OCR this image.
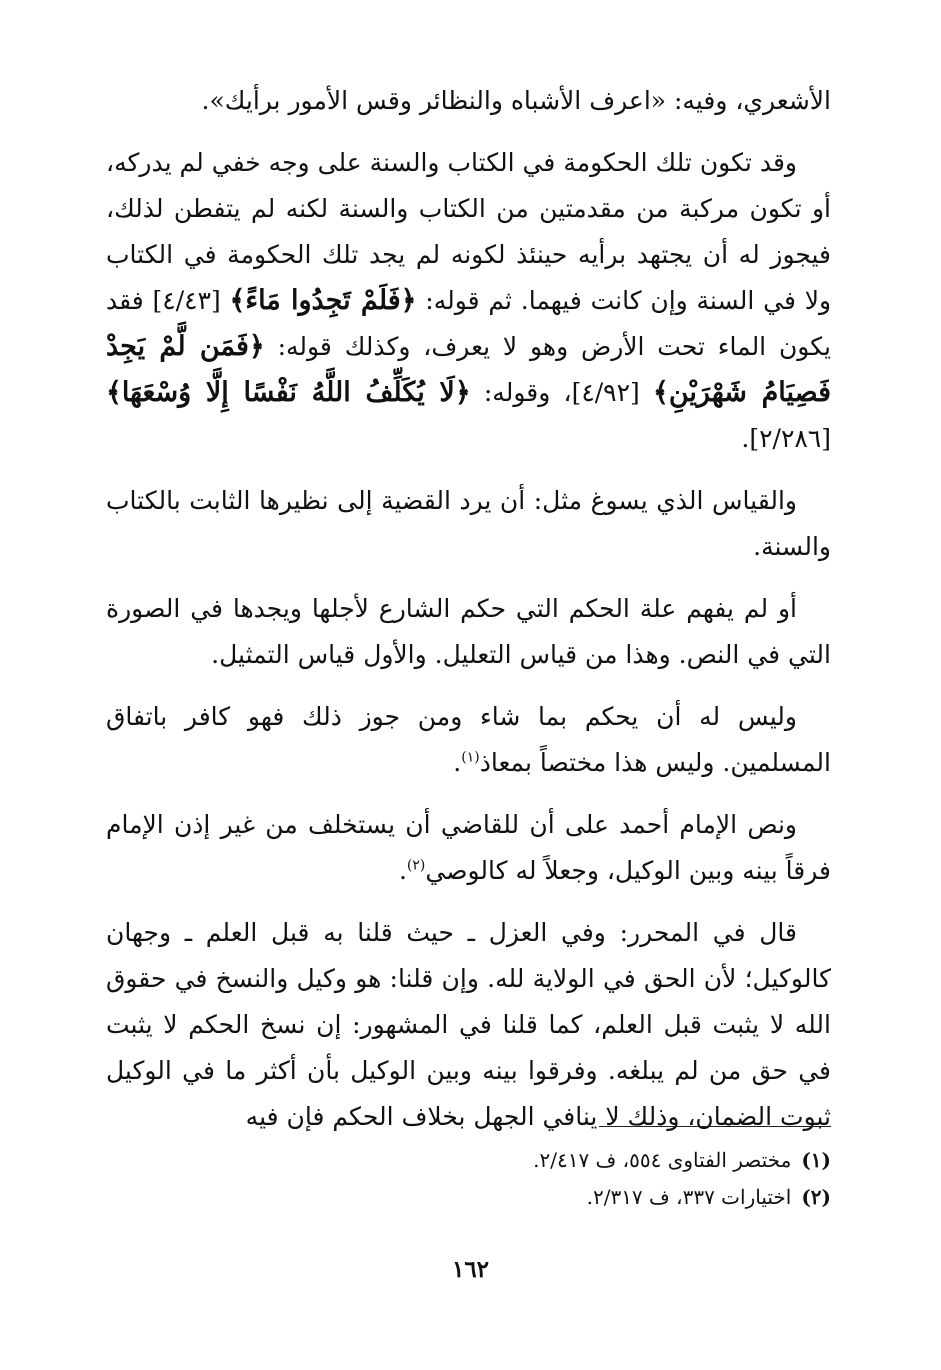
الأشعري، وفيه: «اعرف الأشباه والنظائر وقس الأمور برأيك».

وقد تكون تلك الحكومة في الكتاب والسنة على وجه خفي لم يدركه، أو تكون مركبة من مقدمتين من الكتاب والسنة لكنه لم يتفطن لذلك، فيجوز له أن يجتهد برأيه حينئذ لكونه لم يجد تلك الحكومة في الكتاب ولا في السنة وإن كانت فيهما. ثم قوله: ﴿فَلَمْ تَجِدُوا مَاءً﴾ [٤/٤٣] فقد يكون الماء تحت الأرض وهو لا يعرف، وكذلك قوله: ﴿فَمَن لَّمْ يَجِدْ فَصِيَامُ شَهْرَيْنِ﴾ [٤/٩٢]، وقوله: ﴿لَا يُكَلِّفُ اللَّهُ نَفْسًا إِلَّا وُسْعَهَا﴾ [٢/٢٨٦].

والقياس الذي يسوغ مثل: أن يرد القضية إلى نظيرها الثابت بالكتاب والسنة.

أو لم يفهم علة الحكم التي حكم الشارع لأجلها ويجدها في الصورة التي في النص. وهذا من قياس التعليل. والأول قياس التمثيل.

وليس له أن يحكم بما شاء ومن جوز ذلك فهو كافر باتفاق المسلمين. وليس هذا مختصاً بمعاذ$^{(١)}$.

ونص الإمام أحمد على أن للقاضي أن يستخلف من غير إذن الإمام فرقاً بينه وبين الوكيل، وجعلاً له كالوصي$^{(٢)}$.

قال في المحرر: وفي العزل ـ حيث قلنا به قبل العلم ـ وجهان كالوكيل؛ لأن الحق في الولاية لله. وإن قلنا: هو وكيل والنسخ في حقوق الله لا يثبت قبل العلم، كما قلنا في المشهور: إن نسخ الحكم لا يثبت في حق من لم يبلغه. وفرقوا بينه وبين الوكيل بأن أكثر ما في الوكيل ثبوت الضمان، وذلك لا ينافي الجهل بخلاف الحكم فإن فيه

(١)مختصر الفتاوى ٥٥٤، ف ٢/٤١٧.

(٢)اختيارات ٣٣٧، ف ٢/٣١٧.

١٦٢
